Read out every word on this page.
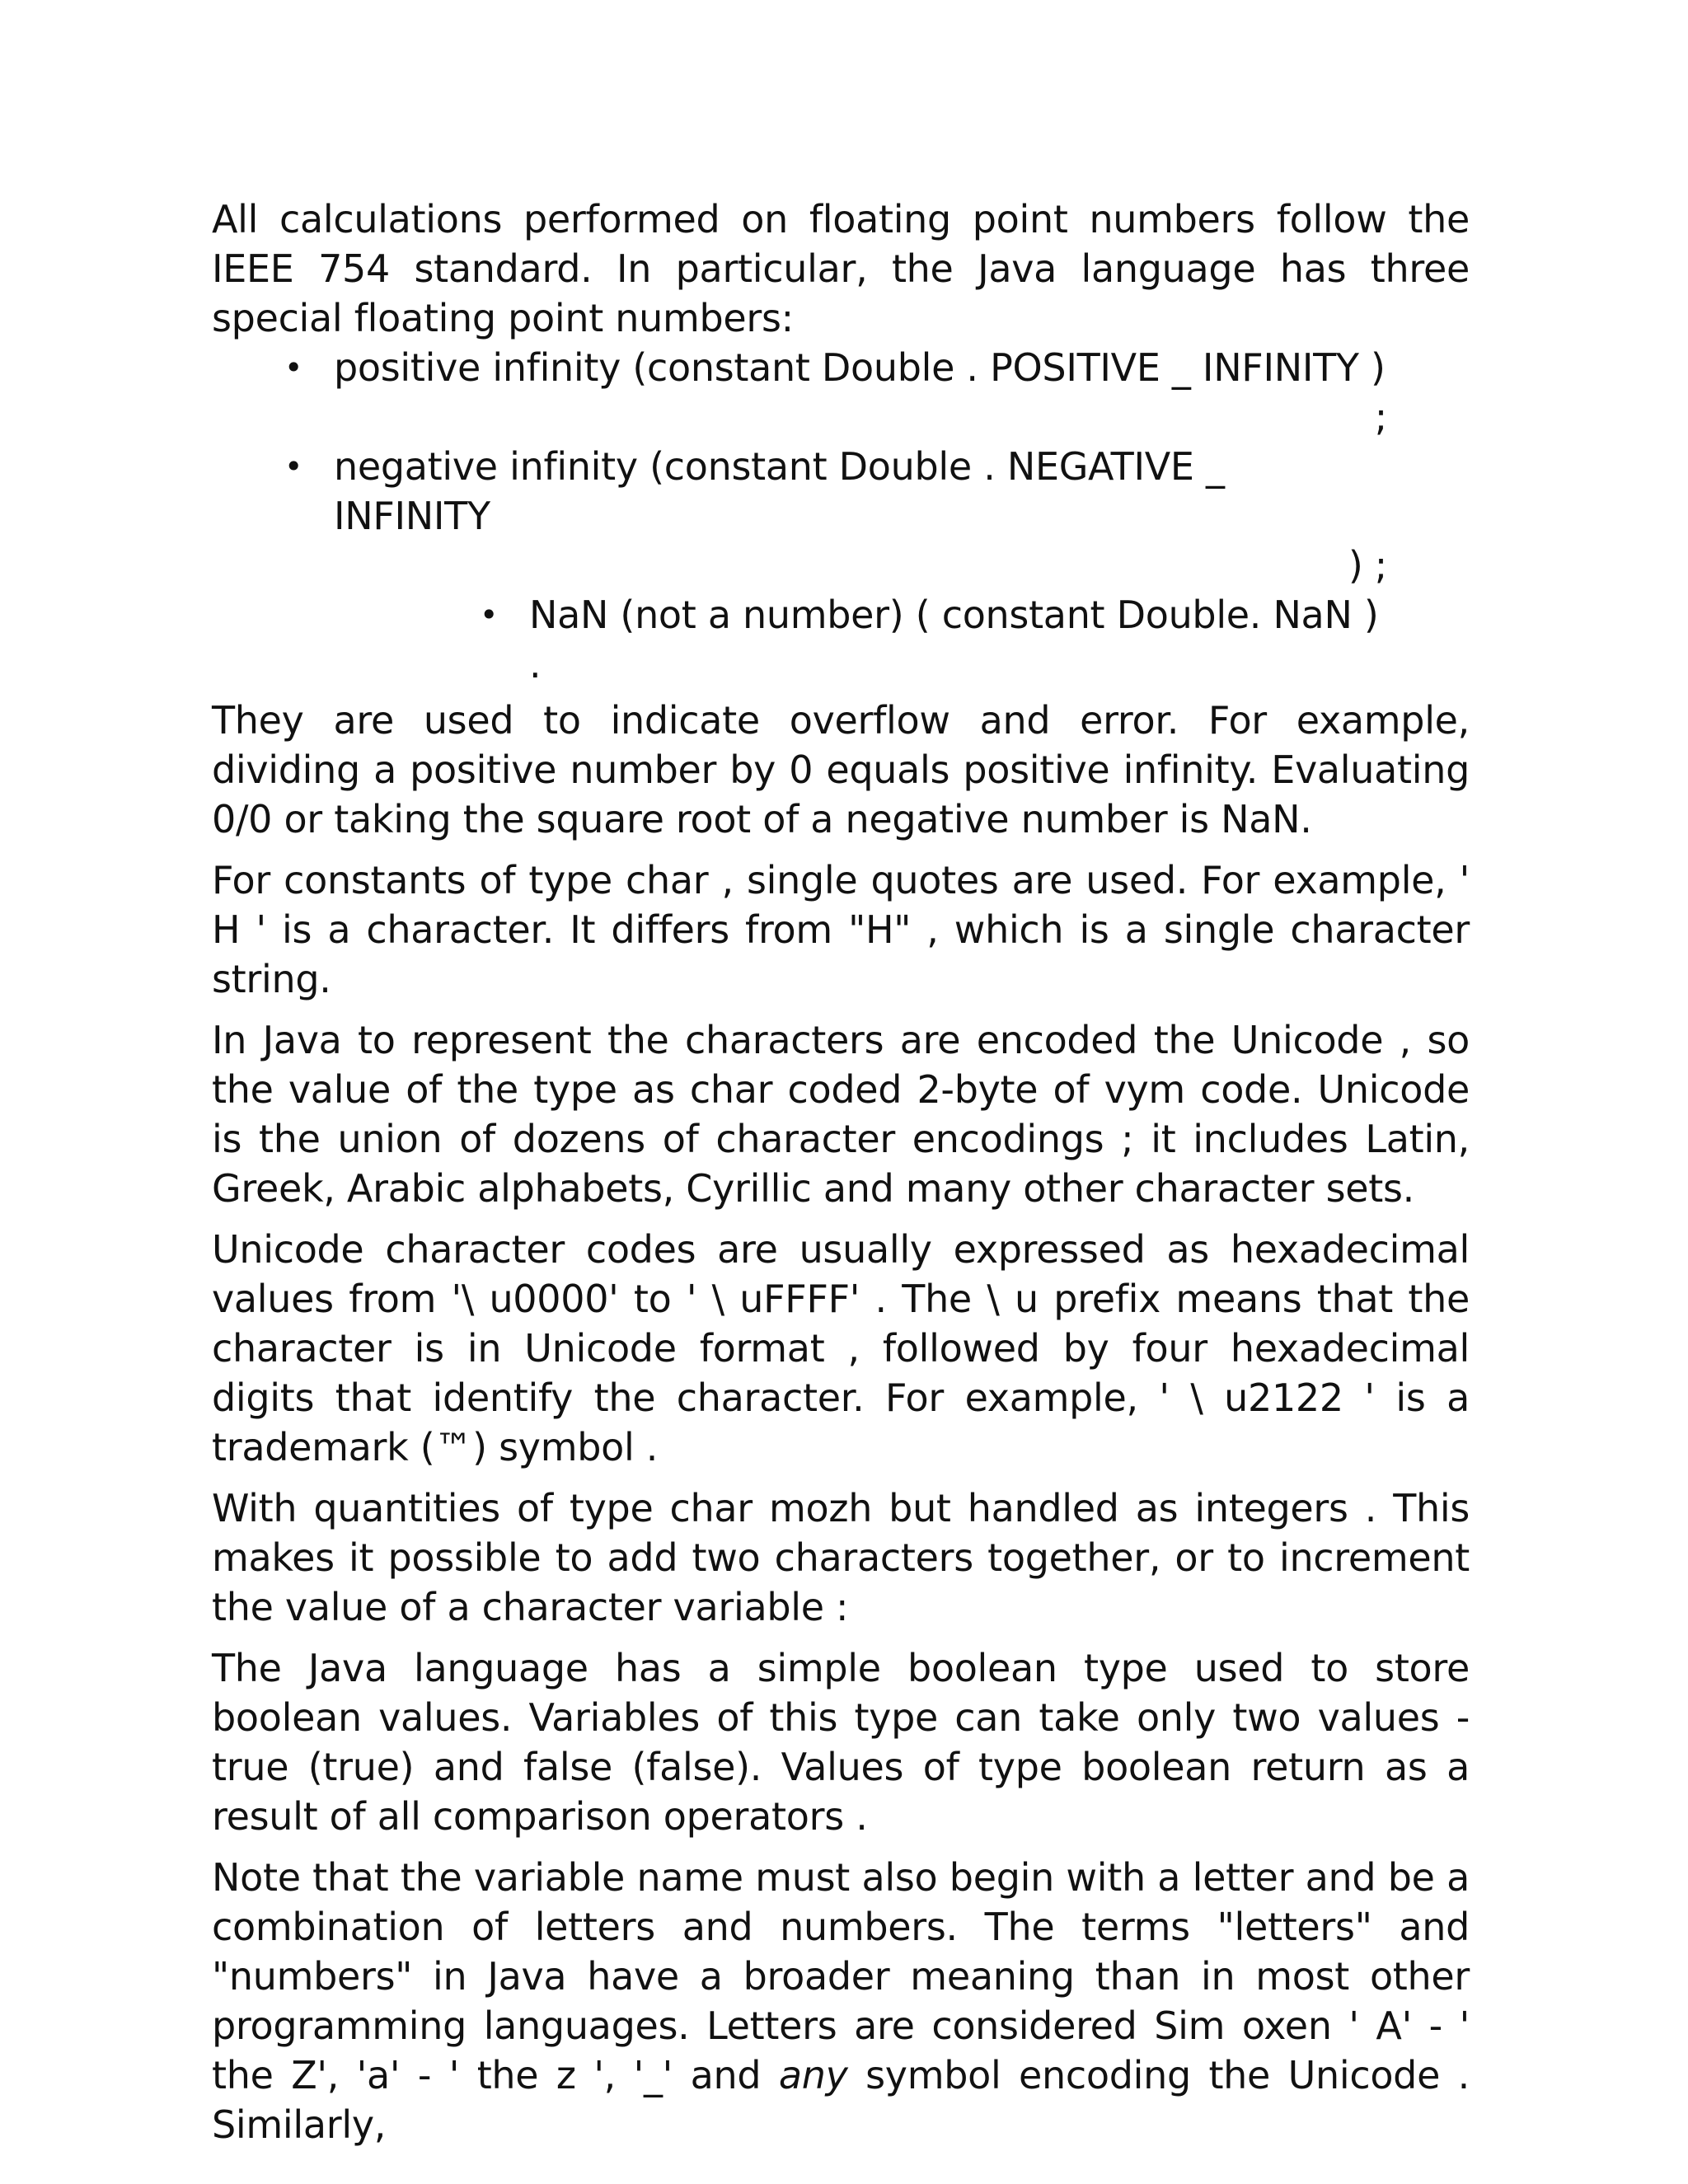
All calculations performed on floating point numbers follow the IEEE 754 standard. In particular, the Java language has three special floating point numbers:

• positive infinity (constant Double . POSITIVE _ INFINITY )
;
• negative infinity (constant Double . NEGATIVE _ INFINITY
) ;
• NaN (not a number) ( constant Double. NaN ) .

They are used to indicate overflow and error. For example, dividing a positive number by 0 equals positive infinity. Evaluating 0/0 or taking the square root of a negative number is NaN.

For constants of type char , single quotes are used. For example, ' H ' is a character. It differs from "H" , which is a single character string.

In Java to represent the characters are encoded the Unicode , so the value of the type as char coded 2-byte of vym code. Unicode is the union of dozens of character encodings ; it includes Latin, Greek, Arabic alphabets, Cyrillic and many other character sets.

Unicode character codes are usually expressed as hexadecimal values from '\ u0000' to ' \ uFFFF' . The \ u prefix means that the character is in Unicode format , followed by four hexadecimal digits that identify the character. For example, ' \ u2122 ' is a trademark (™) symbol .

With quantities of type char mozh but handled as integers . This makes it possible to add two characters together, or to increment the value of a character variable :

The Java language has a simple boolean type used to store boolean values. Variables of this type can take only two values - true (true) and false (false). Values of type boolean return as a result of all comparison operators .

Note that the variable name must also begin with a letter and be a combination of letters and numbers. The terms "letters" and "numbers" in Java have a broader meaning than in most other programming languages. Letters are considered Sim oxen ' A' - ' the Z', 'a' - ' the z ', '_' and any symbol encoding the Unicode . Similarly,
